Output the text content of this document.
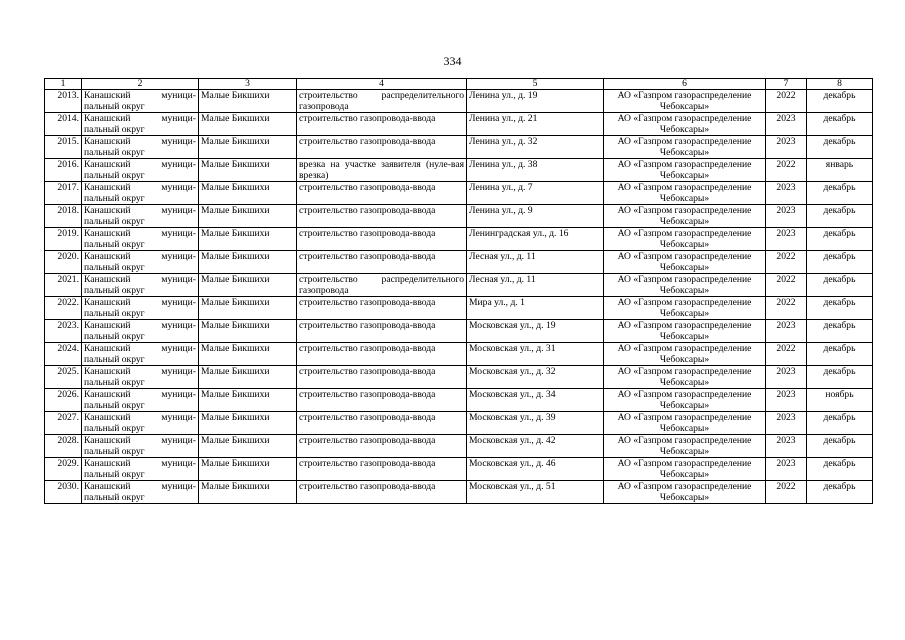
334
1	2	3	4	5	6	7	8
2013.	Канашский муници-пальный округ	Малые Бикшихи	строительство распределительного газопровода	Ленина ул., д. 19	АО «Газпром газораспределение Чебоксары»	2022	декабрь
2014.	Канашский муници-пальный округ	Малые Бикшихи	строительство газопровода-ввода	Ленина ул., д. 21	АО «Газпром газораспределение Чебоксары»	2023	декабрь
2015.	Канашский муници-пальный округ	Малые Бикшихи	строительство газопровода-ввода	Ленина ул., д. 32	АО «Газпром газораспределение Чебоксары»	2023	декабрь
2016.	Канашский муници-пальный округ	Малые Бикшихи	врезка на участке заявителя (нуле-вая врезка)	Ленина ул., д. 38	АО «Газпром газораспределение Чебоксары»	2022	январь
2017.	Канашский муници-пальный округ	Малые Бикшихи	строительство газопровода-ввода	Ленина ул., д. 7	АО «Газпром газораспределение Чебоксары»	2023	декабрь
2018.	Канашский муници-пальный округ	Малые Бикшихи	строительство газопровода-ввода	Ленина ул., д. 9	АО «Газпром газораспределение Чебоксары»	2023	декабрь
2019.	Канашский муници-пальный округ	Малые Бикшихи	строительство газопровода-ввода	Ленинградская ул., д. 16	АО «Газпром газораспределение Чебоксары»	2023	декабрь
2020.	Канашский муници-пальный округ	Малые Бикшихи	строительство газопровода-ввода	Лесная ул., д. 11	АО «Газпром газораспределение Чебоксары»	2022	декабрь
2021.	Канашский муници-пальный округ	Малые Бикшихи	строительство распределительного газопровода	Лесная ул., д. 11	АО «Газпром газораспределение Чебоксары»	2022	декабрь
2022.	Канашский муници-пальный округ	Малые Бикшихи	строительство газопровода-ввода	Мира ул., д. 1	АО «Газпром газораспределение Чебоксары»	2022	декабрь
2023.	Канашский муници-пальный округ	Малые Бикшихи	строительство газопровода-ввода	Московская ул., д. 19	АО «Газпром газораспределение Чебоксары»	2023	декабрь
2024.	Канашский муници-пальный округ	Малые Бикшихи	строительство газопровода-ввода	Московская ул., д. 31	АО «Газпром газораспределение Чебоксары»	2022	декабрь
2025.	Канашский муници-пальный округ	Малые Бикшихи	строительство газопровода-ввода	Московская ул., д. 32	АО «Газпром газораспределение Чебоксары»	2023	декабрь
2026.	Канашский муници-пальный округ	Малые Бикшихи	строительство газопровода-ввода	Московская ул., д. 34	АО «Газпром газораспределение Чебоксары»	2023	ноябрь
2027.	Канашский муници-пальный округ	Малые Бикшихи	строительство газопровода-ввода	Московская ул., д. 39	АО «Газпром газораспределение Чебоксары»	2023	декабрь
2028.	Канашский муници-пальный округ	Малые Бикшихи	строительство газопровода-ввода	Московская ул., д. 42	АО «Газпром газораспределение Чебоксары»	2023	декабрь
2029.	Канашский муници-пальный округ	Малые Бикшихи	строительство газопровода-ввода	Московская ул., д. 46	АО «Газпром газораспределение Чебоксары»	2023	декабрь
2030.	Канашский муници-пальный округ	Малые Бикшихи	строительство газопровода-ввода	Московская ул., д. 51	АО «Газпром газораспределение Чебоксары»	2022	декабрь
